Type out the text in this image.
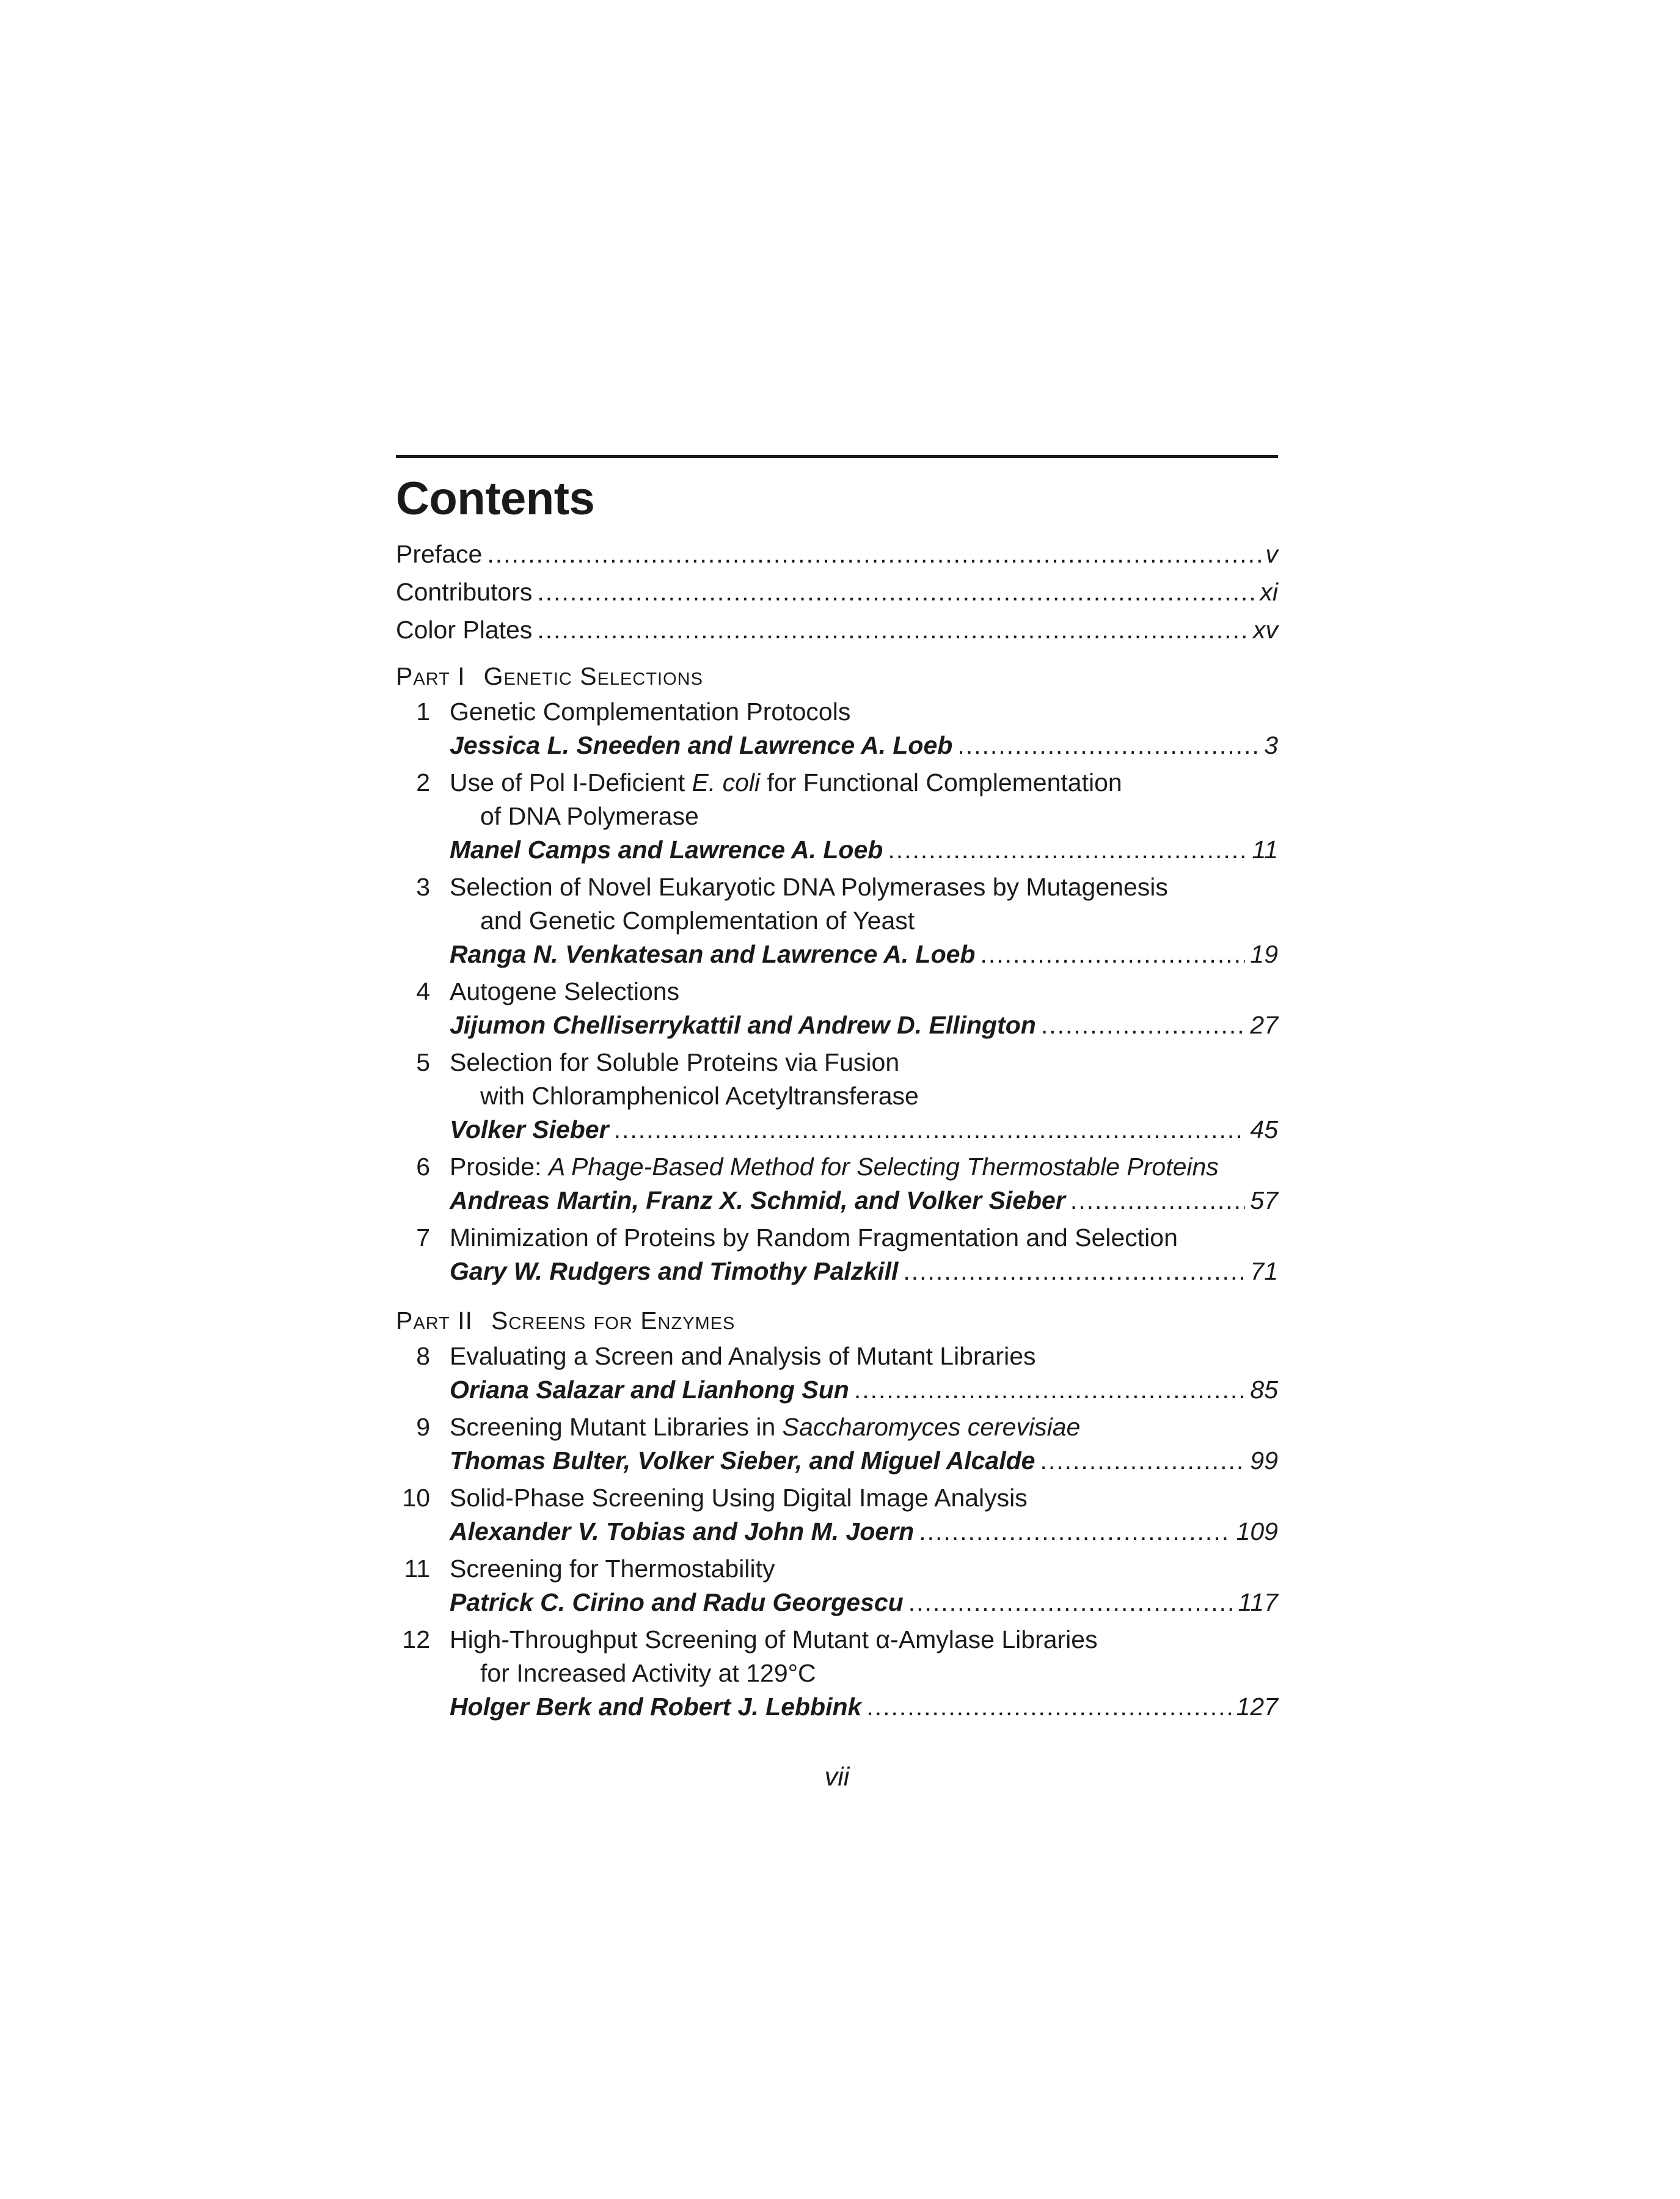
Contents
Preface .....	v
Contributors .....	xi
Color Plates .....	xv
Part I Genetic Selections
1 Genetic Complementation Protocols
Jessica L. Sneeden and Lawrence A. Loeb .....	3
2 Use of Pol I-Deficient E. coli for Functional Complementation
of DNA Polymerase
Manel Camps and Lawrence A. Loeb .....	11
3 Selection of Novel Eukaryotic DNA Polymerases by Mutagenesis
and Genetic Complementation of Yeast
Ranga N. Venkatesan and Lawrence A. Loeb .....	19
4 Autogene Selections
Jijumon Chelliserrykattil and Andrew D. Ellington .....	27
5 Selection for Soluble Proteins via Fusion
with Chloramphenicol Acetyltransferase
Volker Sieber .....	45
6 Proside: A Phage-Based Method for Selecting Thermostable Proteins
Andreas Martin, Franz X. Schmid, and Volker Sieber .....	57
7 Minimization of Proteins by Random Fragmentation and Selection
Gary W. Rudgers and Timothy Palzkill .....	71
Part II Screens for Enzymes
8 Evaluating a Screen and Analysis of Mutant Libraries
Oriana Salazar and Lianhong Sun .....	85
9 Screening Mutant Libraries in Saccharomyces cerevisiae
Thomas Bulter, Volker Sieber, and Miguel Alcalde .....	99
10 Solid-Phase Screening Using Digital Image Analysis
Alexander V. Tobias and John M. Joern .....	109
11 Screening for Thermostability
Patrick C. Cirino and Radu Georgescu .....	117
12 High-Throughput Screening of Mutant α-Amylase Libraries
for Increased Activity at 129°C
Holger Berk and Robert J. Lebbink .....	127
vii
